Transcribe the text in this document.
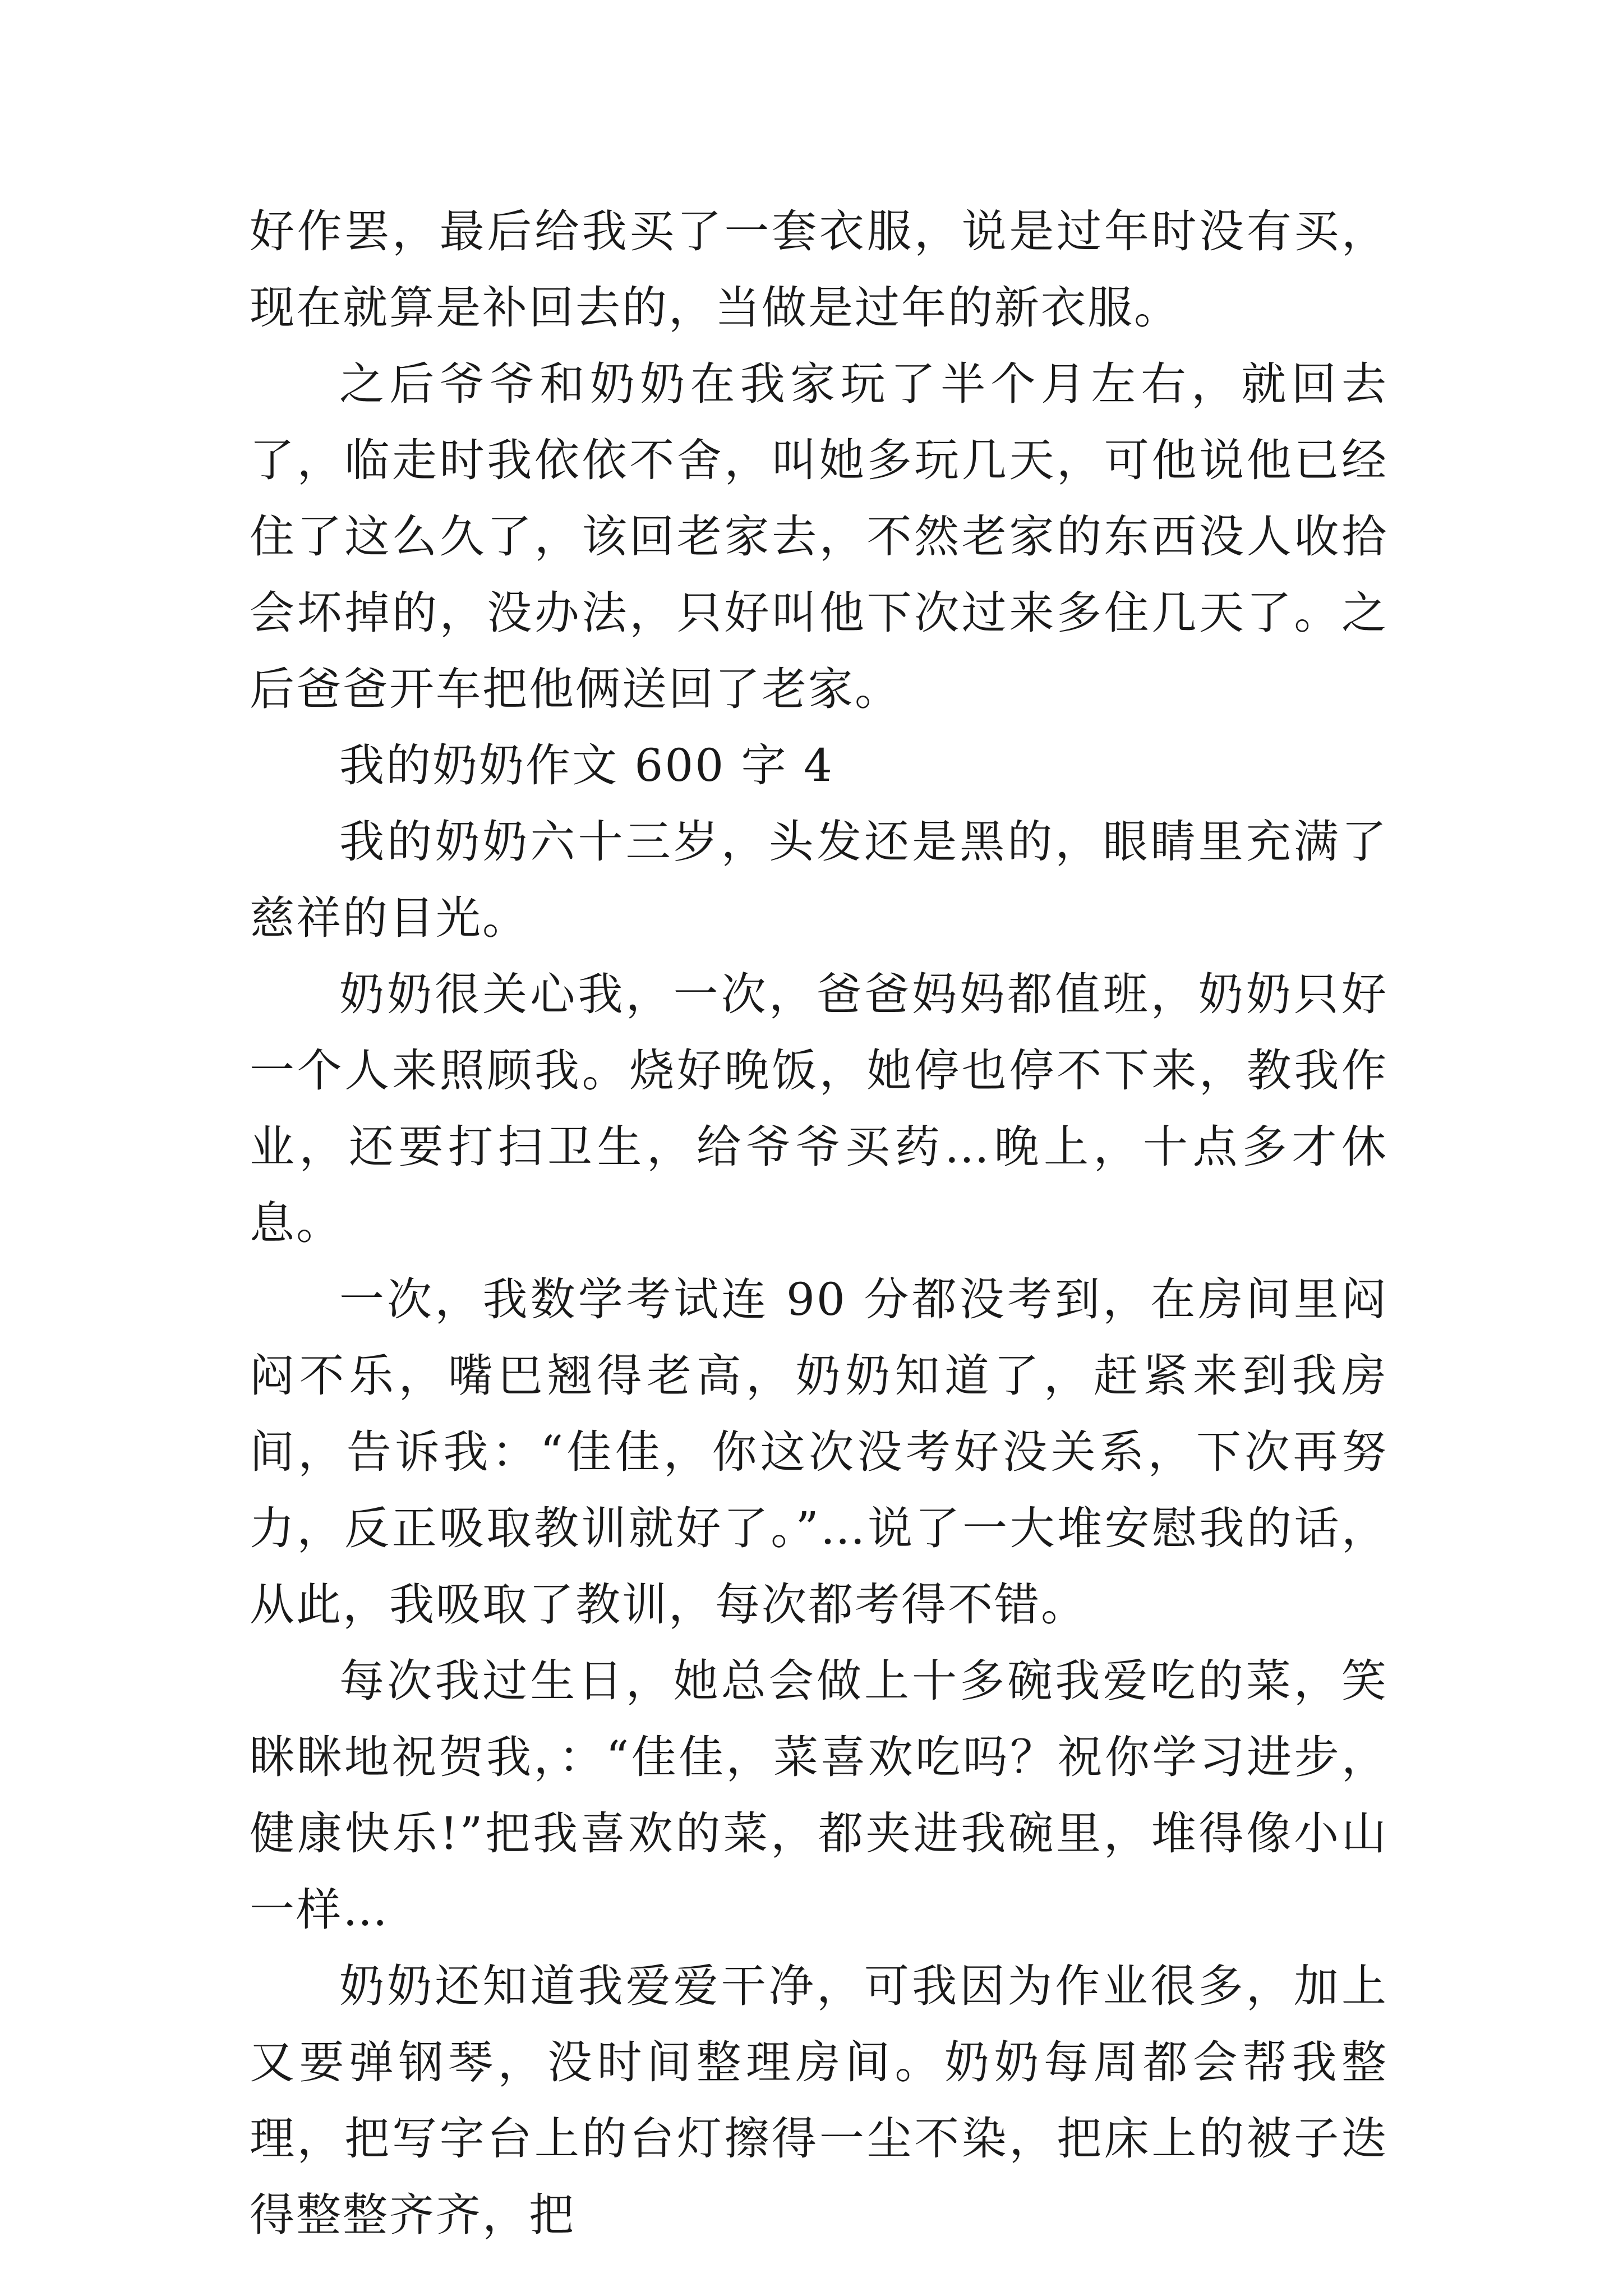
好作罢，最后给我买了一套衣服，说是过年时没有买，现在就算是补回去的，当做是过年的新衣服。

之后爷爷和奶奶在我家玩了半个月左右，就回去了，临走时我依依不舍，叫她多玩几天，可他说他已经住了这么久了，该回老家去，不然老家的东西没人收拾会坏掉的，没办法，只好叫他下次过来多住几天了。之后爸爸开车把他俩送回了老家。

我的奶奶作文 600 字 4

我的奶奶六十三岁，头发还是黑的，眼睛里充满了慈祥的目光。

奶奶很关心我，一次，爸爸妈妈都值班，奶奶只好一个人来照顾我。烧好晚饭，她停也停不下来，教我作业，还要打扫卫生，给爷爷买药…晚上，十点多才休息。

一次，我数学考试连 90 分都没考到，在房间里闷闷不乐，嘴巴翘得老高，奶奶知道了，赶紧来到我房间，告诉我：“佳佳，你这次没考好没关系，下次再努力，反正吸取教训就好了。”…说了一大堆安慰我的话，从此，我吸取了教训，每次都考得不错。

每次我过生日，她总会做上十多碗我爱吃的菜，笑眯眯地祝贺我，：“佳佳，菜喜欢吃吗？祝你学习进步，健康快乐!”把我喜欢的菜，都夹进我碗里，堆得像小山一样…

奶奶还知道我爱爱干净，可我因为作业很多，加上又要弹钢琴，没时间整理房间。奶奶每周都会帮我整理，把写字台上的台灯擦得一尘不染，把床上的被子迭得整整齐齐，把
